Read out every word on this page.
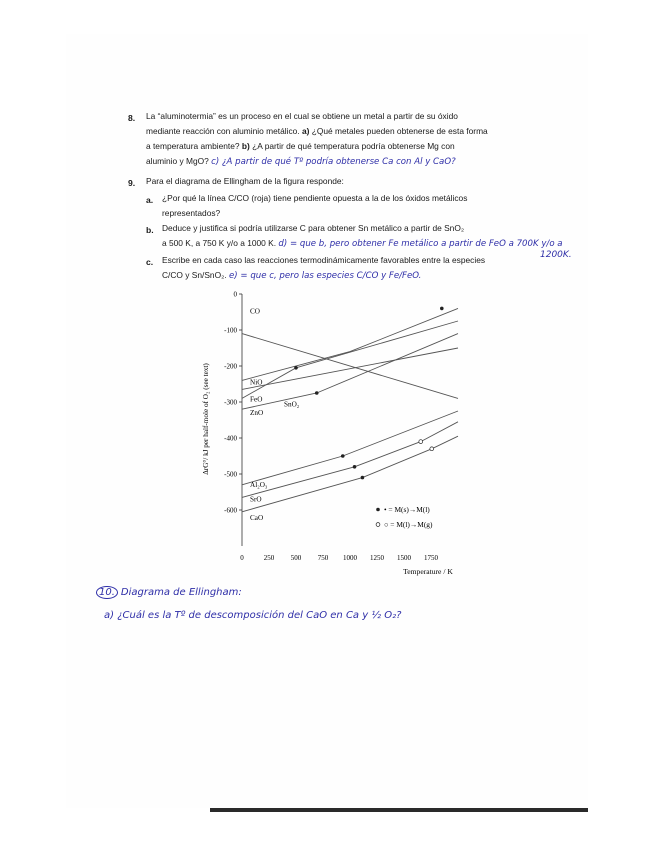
8. La “aluminotermia” es un proceso en el cual se obtiene un metal a partir de su óxido
mediante reacción con aluminio metálico. a) ¿Qué metales pueden obtenerse de esta forma
a temperatura ambiente? b) ¿A partir de qué temperatura podría obtenerse Mg con
aluminio y MgO? c) ¿A partir de qué Tº podría obtenerse Ca con Al y CaO?
9. Para el diagrama de Ellingham de la figura responde:
a. ¿Por qué la línea C/CO (roja) tiene pendiente opuesta a la de los óxidos metálicos
representados?
b. Deduce y justifica si podría utilizarse C para obtener Sn metálico a partir de SnO₂
a 500 K, a 750 K y/o a 1000 K. d) = que b, pero obtener Fe metálico a partir de FeO a 700K y/o a
1200K.
c. Escribe en cada caso las reacciones termodinámicamente favorables entre la especies
C/CO y Sn/SnO₂. e) = que c, pero las especies C/CO y Fe/FeO.
0
-100
-200
-300
-400
-500
-600
0	250 500 750 1000 1250 1500 1750
CO
NiO
SnO₂
FeO
ZnO
Al₂O₃
SrO
CaO
• = M(s)→M(l)
○ = M(l)→M(g)
Temperature / K
ΔrG°/ kJ per half-mole of O₂ (see text)
10. Diagrama de Ellingham:
a) ¿Cuál es la Tº de descomposición del CaO en Ca y ½ O₂?
